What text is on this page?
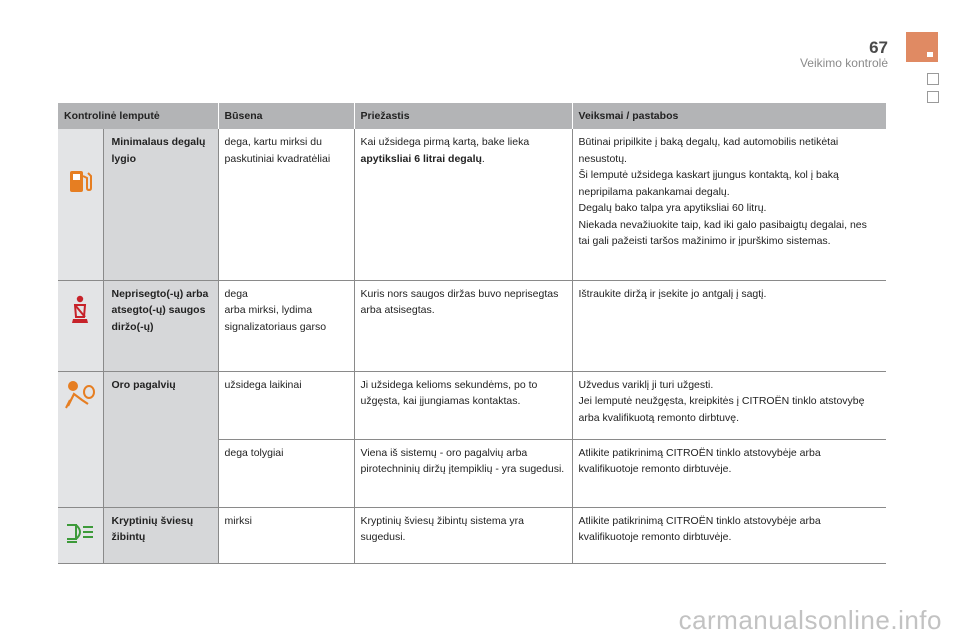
67
Veikimo kontrolė
Kontrolinė lemputė		Būsena	Priežastis	Veiksmai / pastabos

	Minimalaus degalų lygio	dega, kartu mirksi du paskutiniai kvadratėliai	Kai užsidega pirmą kartą, bake lieka apytiksliai 6 litrai degalų.	Būtinai pripilkite į baką degalų, kad automobilis netikėtai nesustotų.
Ši lemputė užsidega kaskart įjungus kontaktą, kol į baką nepripilama pakankamai degalų.
Degalų bako talpa yra apytiksliai 60 litrų.
Niekada nevažiuokite taip, kad iki galo pasibaigtų degalai, nes tai gali pažeisti taršos mažinimo ir įpurškimo sistemas.

	Neprisegto(-ų) arba atsegto(-ų) saugos diržo(-ų)	dega
arba mirksi, lydima signalizatoriaus garso	Kuris nors saugos diržas buvo neprisegtas arba atsisegtas.	Ištraukite diržą ir įsekite jo antgalį į sagtį.

	Oro pagalvių	užsidega laikinai	Ji užsidega kelioms sekundėms, po to užgęsta, kai įjungiamas kontaktas.	Užvedus variklį ji turi užgesti.
Jei lemputė neužgęsta, kreipkitės į CITROËN tinklo atstovybę arba kvalifikuotą remonto dirbtuvę.

		dega tolygiai	Viena iš sistemų - oro pagalvių arba pirotechninių diržų įtempiklių - yra sugedusi.	Atlikite patikrinimą CITROËN tinklo atstovybėje arba kvalifikuotoje remonto dirbtuvėje.

	Kryptinių šviesų žibintų	mirksi	Kryptinių šviesų žibintų sistema yra sugedusi.	Atlikite patikrinimą CITROËN tinklo atstovybėje arba kvalifikuotoje remonto dirbtuvėje.
carmanualsonline.info
